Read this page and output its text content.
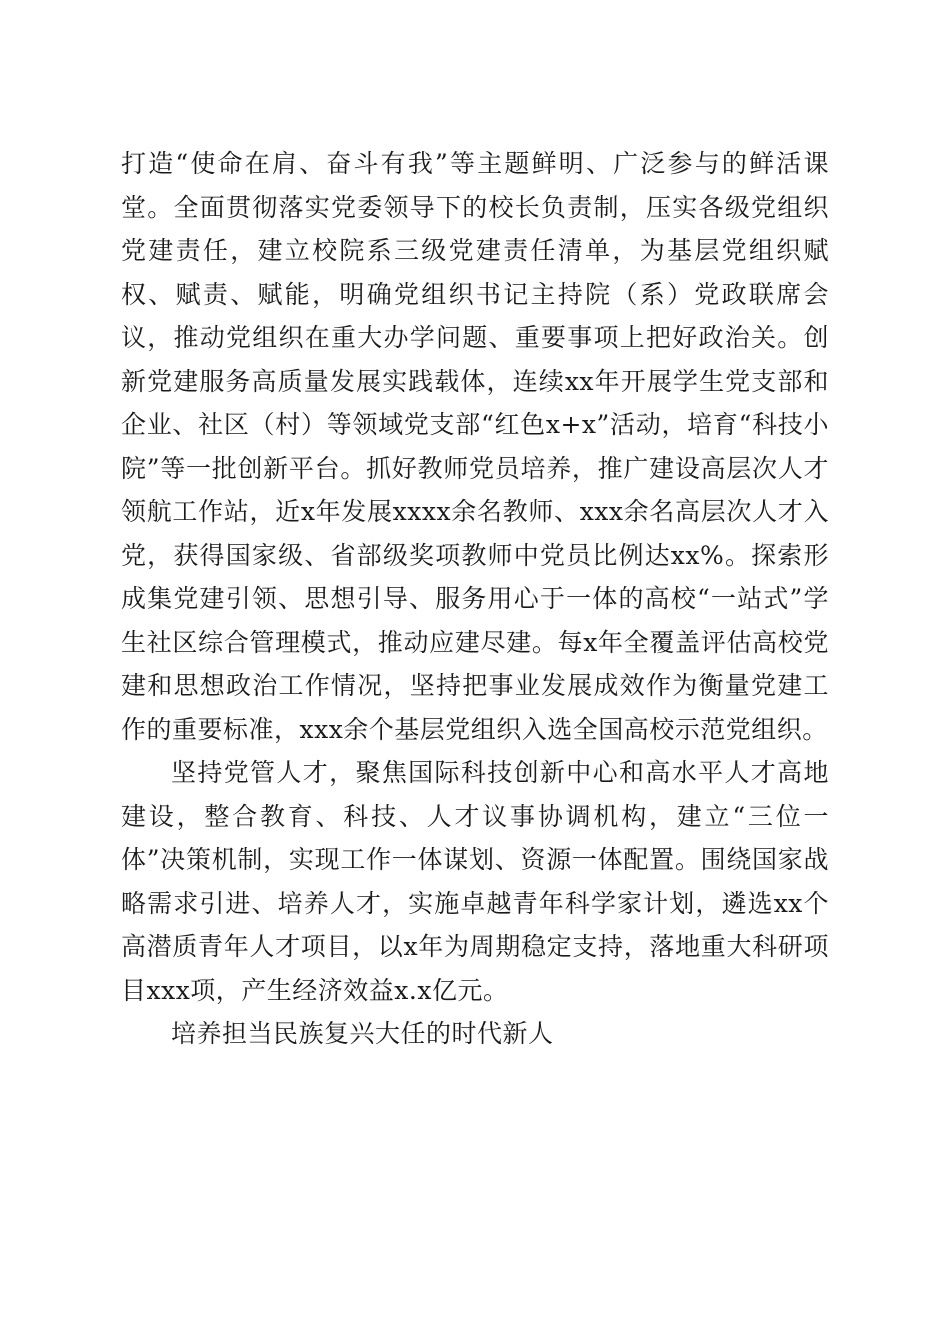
打造“使命在肩、奋斗有我”等主题鲜明、广泛参与的鲜活课堂。全面贯彻落实党委领导下的校长负责制，压实各级党组织党建责任，建立校院系三级党建责任清单，为基层党组织赋权、赋责、赋能，明确党组织书记主持院（系）党政联席会议，推动党组织在重大办学问题、重要事项上把好政治关。创新党建服务高质量发展实践载体，连续xx年开展学生党支部和企业、社区（村）等领域党支部“红色x+x”活动，培育“科技小院”等一批创新平台。抓好教师党员培养，推广建设高层次人才领航工作站，近x年发展xxxx余名教师、xxx余名高层次人才入党，获得国家级、省部级奖项教师中党员比例达xx%。探索形成集党建引领、思想引导、服务用心于一体的高校“一站式”学生社区综合管理模式，推动应建尽建。每x年全覆盖评估高校党建和思想政治工作情况，坚持把事业发展成效作为衡量党建工作的重要标准，xxx余个基层党组织入选全国高校示范党组织。

坚持党管人才，聚焦国际科技创新中心和高水平人才高地建设，整合教育、科技、人才议事协调机构，建立“三位一体”决策机制，实现工作一体谋划、资源一体配置。围绕国家战略需求引进、培养人才，实施卓越青年科学家计划，遴选xx个高潜质青年人才项目，以x年为周期稳定支持，落地重大科研项目xxx项，产生经济效益x.x亿元。

培养担当民族复兴大任的时代新人
